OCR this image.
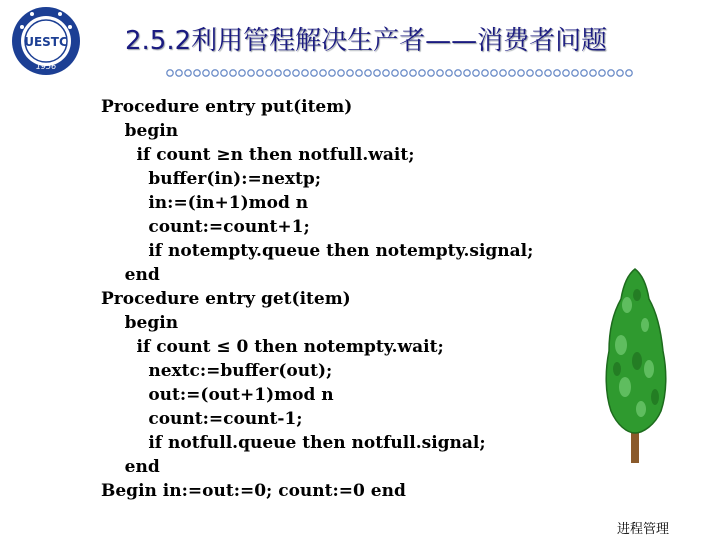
UESTC
1956
2.5.2利用管程解决生产者——消费者问题
Procedure entry put(item)
begin
if count ≥n then notfull.wait;
buffer(in):=nextp;
in:=(in+1)mod n
count:=count+1;
if notempty.queue then notempty.signal;
end
Procedure entry get(item)
begin
if count ≤ 0 then notempty.wait;
nextc:=buffer(out);
out:=(out+1)mod n
count:=count-1;
if notfull.queue then notfull.signal;
end
Begin in:=out:=0; count:=0 end
进程管理
